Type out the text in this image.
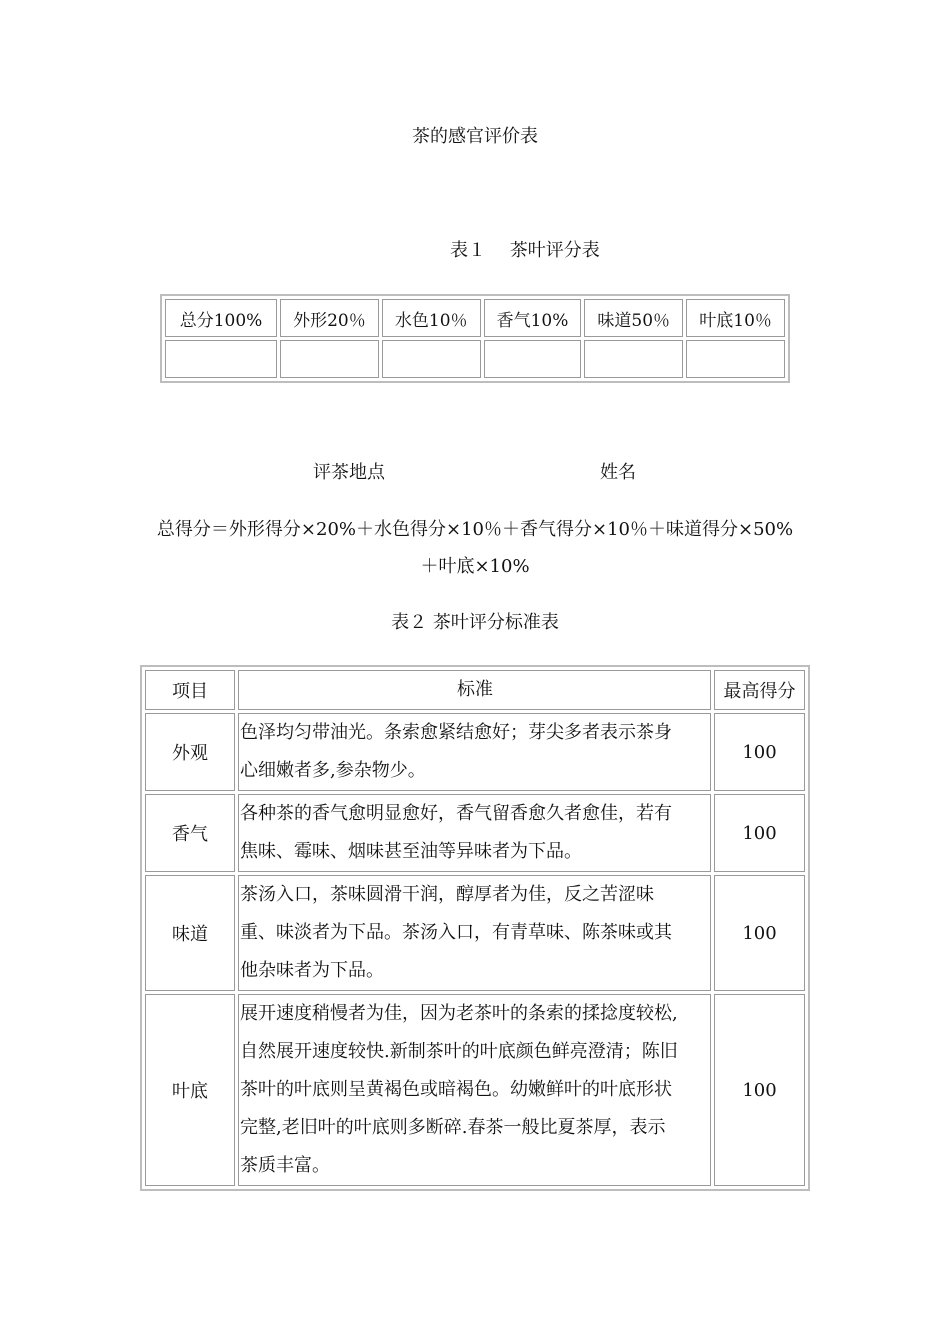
茶的感官评价表
表１　 茶叶评分表
总分100%	外形20％	水色10％	香气10%	味道50％	叶底10％

评茶地点	姓名
总得分＝外形得分×20%＋水色得分×10％＋香气得分×10％＋味道得分×50%
＋叶底×10%
表２ 茶叶评分标准表
项目	标准	最高得分
外观	色泽均匀带油光。条索愈紧结愈好；芽尖多者表示茶身
心细嫩者多,参杂物少。	100
香气	各种茶的香气愈明显愈好，香气留香愈久者愈佳，若有
焦味、霉味、烟味甚至油等异味者为下品。	100
味道	茶汤入口，茶味圆滑干润，醇厚者为佳，反之苦涩味
重、味淡者为下品。茶汤入口，有青草味、陈茶味或其
他杂味者为下品。	100
叶底	展开速度稍慢者为佳，因为老茶叶的条索的揉捻度较松,
自然展开速度较快.新制茶叶的叶底颜色鲜亮澄清；陈旧
茶叶的叶底则呈黄褐色或暗褐色。幼嫩鲜叶的叶底形状
完整,老旧叶的叶底则多断碎.春茶一般比夏茶厚，表示
茶质丰富。	100
